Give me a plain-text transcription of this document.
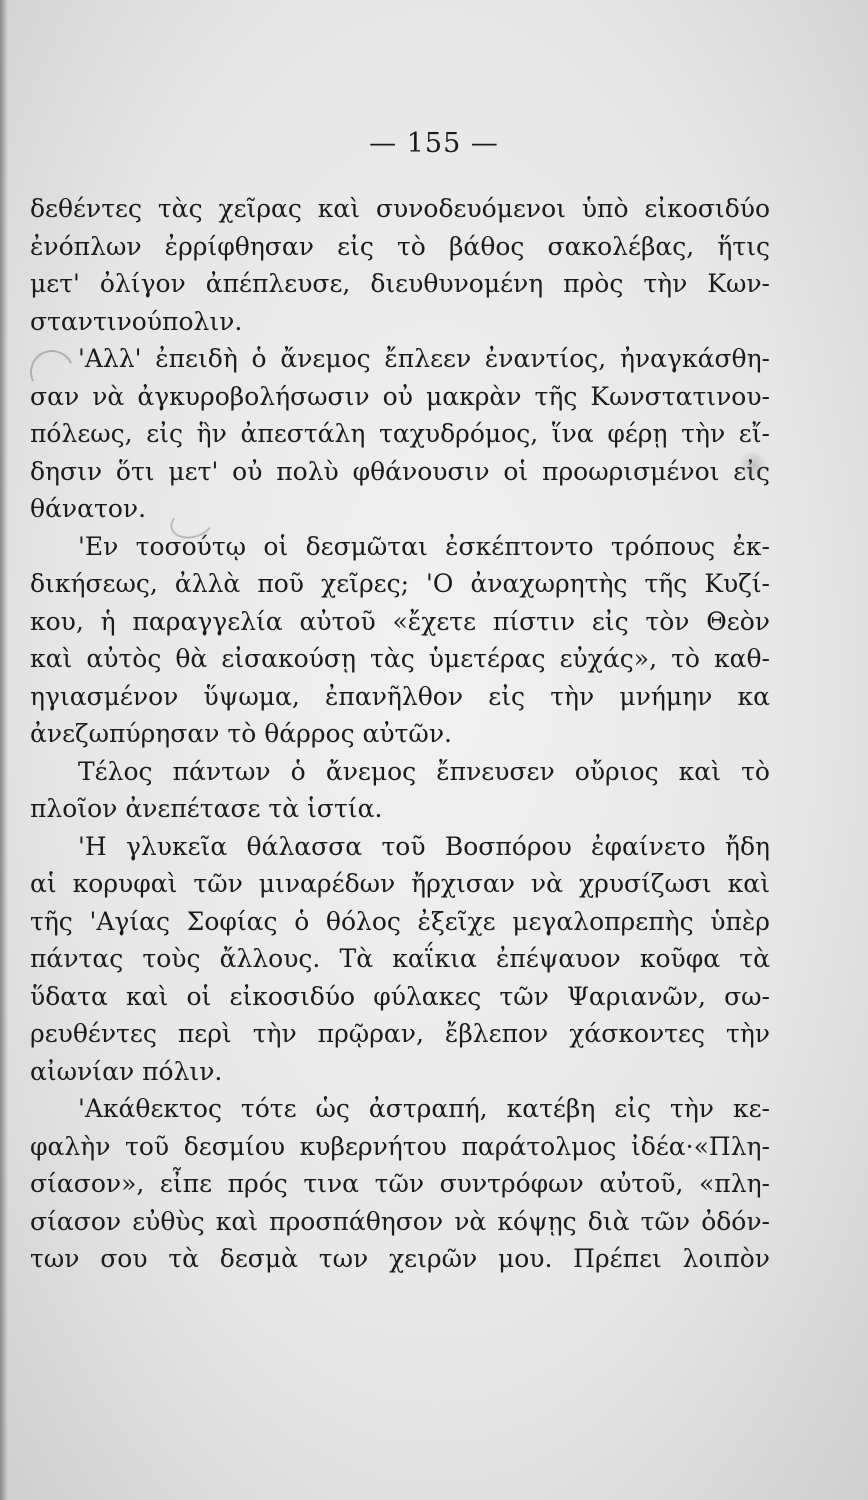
— 155 —
δεθέντες τὰς χεῖρας καὶ συνοδευόμενοι ὑπὸ εἰκοσιδύο
ἐνόπλων ἐρρίφθησαν εἰς τὸ βάθος σακολέβας, ἥτις
μετ' ὀλίγον ἀπέπλευσε, διευθυνομένη πρὸς τὴν Κων-
σταντινούπολιν.
'Αλλ' ἐπειδὴ ὁ ἄνεμος ἔπλεεν ἐναντίος, ἠναγκάσθη-
σαν νὰ ἀγκυροβολήσωσιν οὐ μακρὰν τῆς Κωνστατινου-
πόλεως, εἰς ἣν ἀπεστάλη ταχυδρόμος, ἵνα φέρῃ τὴν εἴ-
δησιν ὅτι μετ' οὐ πολὺ φθάνουσιν οἱ προωρισμένοι εἰς
θάνατον.
'Εν τοσούτῳ οἱ δεσμῶται ἐσκέπτοντο τρόπους ἐκ-
δικήσεως, ἀλλὰ ποῦ χεῖρες; 'Ο ἀναχωρητὴς τῆς Κυζί-
κου, ἡ παραγγελία αὐτοῦ «ἔχετε πίστιν εἰς τὸν Θεὸν
καὶ αὐτὸς θὰ εἰσακούσῃ τὰς ὑμετέρας εὐχάς», τὸ καθ-
ηγιασμένον ὕψωμα, ἐπανῆλθον εἰς τὴν μνήμην κα
ἀνεζωπύρησαν τὸ θάρρος αὐτῶν.
Τέλος πάντων ὁ ἄνεμος ἔπνευσεν οὔριος καὶ τὸ
πλοῖον ἀνεπέτασε τὰ ἱστία.
'Η γλυκεῖα θάλασσα τοῦ Βοσπόρου ἐφαίνετο ἤδη
αἱ κορυφαὶ τῶν μιναρέδων ἤρχισαν νὰ χρυσίζωσι καὶ
τῆς 'Αγίας Σοφίας ὁ θόλος ἐξεῖχε μεγαλοπρεπὴς ὑπὲρ
πάντας τοὺς ἄλλους. Τὰ καΐκια ἐπέψαυον κοῦφα τὰ
ὕδατα καὶ οἱ εἰκοσιδύο φύλακες τῶν Ψαριανῶν, σω-
ρευθέντες περὶ τὴν πρῷραν, ἔβλεπον χάσκοντες τὴν
αἰωνίαν πόλιν.
'Ακάθεκτος τότε ὡς ἀστραπή, κατέβη εἰς τὴν κε-
φαλὴν τοῦ δεσμίου κυβερνήτου παράτολμος ἰδέα·«Πλη-
σίασον», εἶπε πρός τινα τῶν συντρόφων αὐτοῦ, «πλη-
σίασον εὐθὺς καὶ προσπάθησον νὰ κόψῃς διὰ τῶν ὀδόν-
των σου τὰ δεσμὰ των χειρῶν μου. Πρέπει λοιπὸν
